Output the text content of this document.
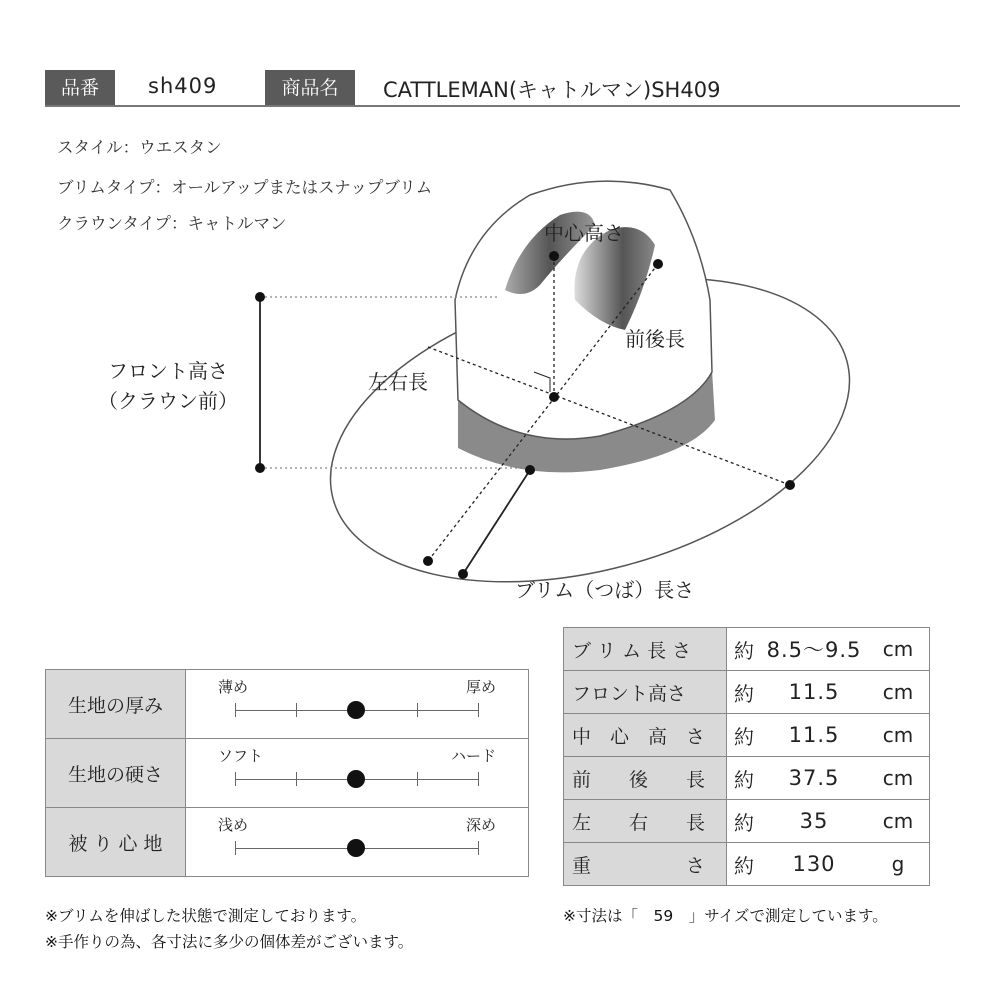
品番	sh409	商品名	CATTLEMAN(キャトルマン)SH409
スタイル：ウエスタン
ブリムタイプ：オールアップまたはスナップブリム
クラウンタイプ：キャトルマン	中心高さ
前後長
左右長
フロント高さ
（クラウン前）
ブリム（つば）長さ
生地の厚み	薄め 厚め

生地の硬さ	ソフト ハード

被 り 心 地	浅め 深め
ブ リ ム 長 さ	約	8.5～9.5	cm
フロント高さ	約	11.5	cm
中　心　高　さ	約	11.5	cm
前　　後　　長	約	37.5	cm
左　　右　　長	約	35	cm
重　　　　　さ	約	130	g
※ブリムを伸ばした状態で測定しております。
※手作りの為、各寸法に多少の個体差がございます。
※寸法は「　59　」サイズで測定しています。
